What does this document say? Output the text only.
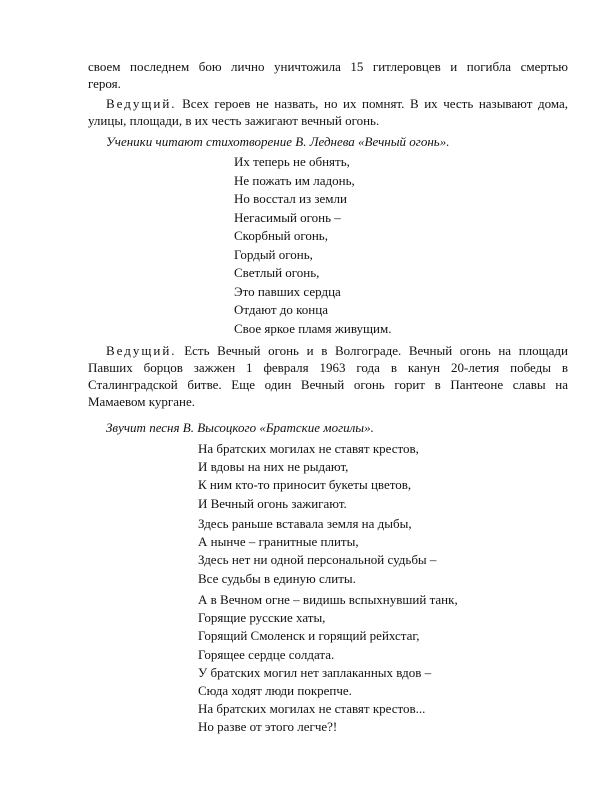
своем последнем бою лично уничтожила 15 гитлеровцев и погибла смертью
героя.

Ведущий. Всех героев не назвать, но их помнят. В их честь называют дома,
улицы, площади, в их честь зажигают вечный огонь.

Ученики читают стихотворение В. Леднева «Вечный огонь».

Их теперь не обнять,
Не пожать им ладонь,
Но восстал из земли
Негасимый огонь –
Скорбный огонь,
Гордый огонь,
Светлый огонь,
Это павших сердца
Отдают до конца
Свое яркое пламя живущим.

Ведущий. Есть Вечный огонь и в Волгограде. Вечный огонь на площади
Павших борцов зажжен 1 февраля 1963 года в канун 20-летия победы в
Сталинградской битве. Еще один Вечный огонь горит в Пантеоне славы на
Мамаевом кургане.

Звучит песня В. Высоцкого «Братские могилы».

На братских могилах не ставят крестов,
И вдовы на них не рыдают,
К ним кто-то приносит букеты цветов,
И Вечный огонь зажигают.
Здесь раньше вставала земля на дыбы,
А нынче – гранитные плиты,
Здесь нет ни одной персональной судьбы –
Все судьбы в единую слиты.
А в Вечном огне – видишь вспыхнувший танк,
Горящие русские хаты,
Горящий Смоленск и горящий рейхстаг,
Горящее сердце солдата.
У братских могил нет заплаканных вдов –
Сюда ходят люди покрепче.
На братских могилах не ставят крестов...
Но разве от этого легче?!
